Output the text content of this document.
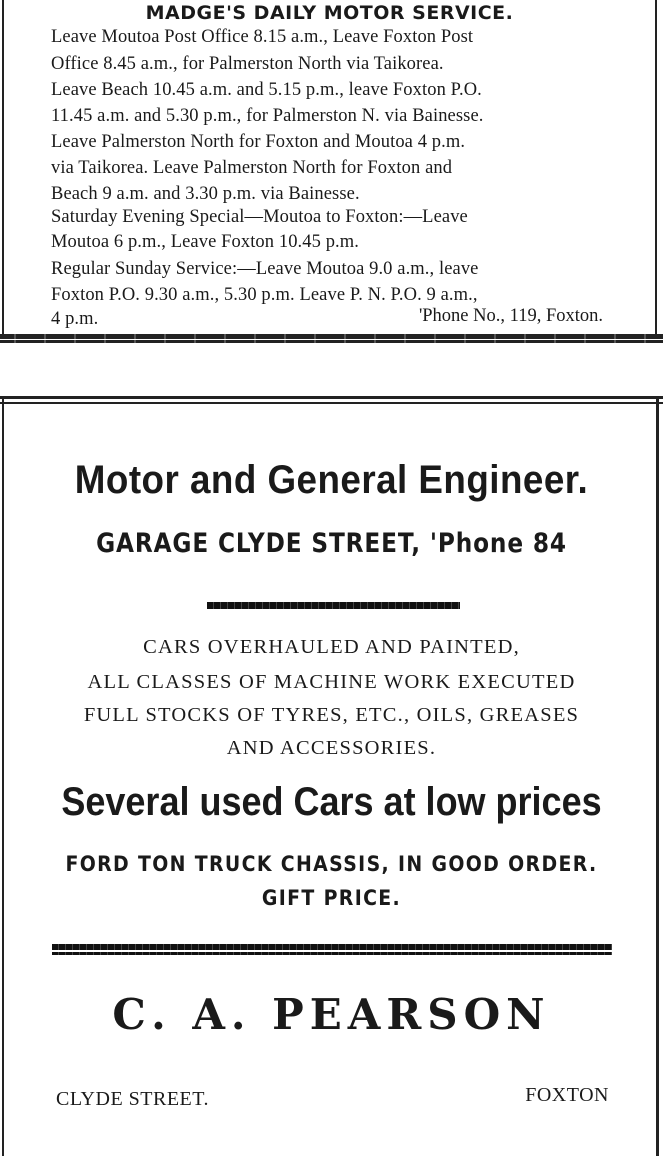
MADGE'S DAILY MOTOR SERVICE.
Leave Moutoa Post Office 8.15 a.m., Leave Foxton Post
Office 8.45 a.m., for Palmerston North via Taikorea.
Leave Beach 10.45 a.m. and 5.15 p.m., leave Foxton P.O.
11.45 a.m. and 5.30 p.m., for Palmerston N. via Bainesse.
Leave Palmerston North for Foxton and Moutoa 4 p.m.
via Taikorea. Leave Palmerston North for Foxton and
Beach 9 a.m. and 3.30 p.m. via Bainesse.
Saturday Evening Special—Moutoa to Foxton:—Leave
Moutoa 6 p.m., Leave Foxton 10.45 p.m.
Regular Sunday Service:—Leave Moutoa 9.0 a.m., leave
Foxton P.O. 9.30 a.m., 5.30 p.m. Leave P. N. P.O. 9 a.m.,
4 p.m.	'Phone No., 119, Foxton.
Motor and General Engineer.
GARAGE CLYDE STREET, 'Phone 84
CARS OVERHAULED AND PAINTED,
ALL CLASSES OF MACHINE WORK EXECUTED
FULL STOCKS OF TYRES, ETC., OILS, GREASES
AND ACCESSORIES.
Several used Cars at low prices
FORD TON TRUCK CHASSIS, IN GOOD ORDER.
GIFT PRICE.
C. A. PEARSON
CLYDE STREET.	FOXTON
